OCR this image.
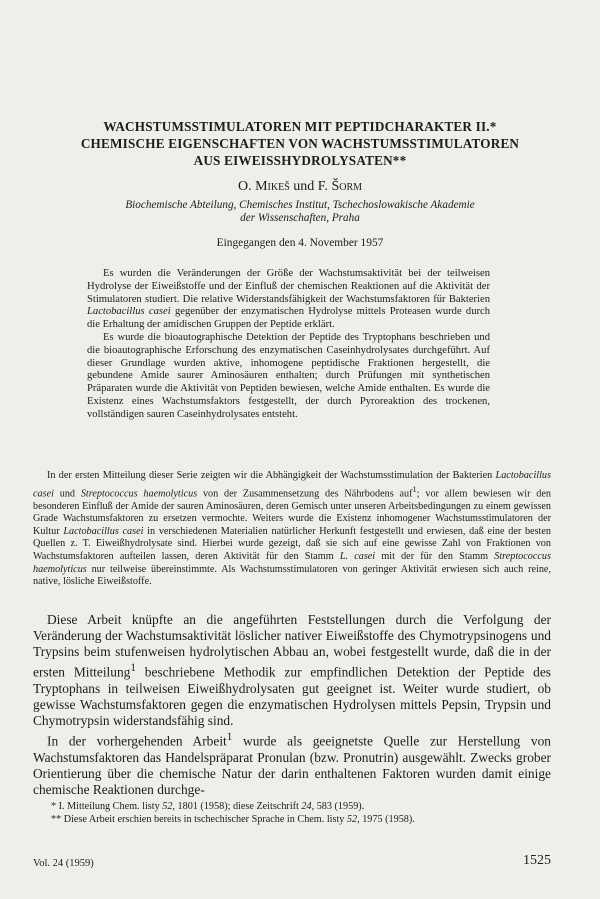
WACHSTUMSSTIMULATOREN MIT PEPTIDCHARAKTER II.*
CHEMISCHE EIGENSCHAFTEN VON WACHSTUMSSTIMULATOREN
AUS EIWEISSHYDROLYSATEN**
O. Mikeš und F. Šorm
Biochemische Abteilung, Chemisches Institut, Tschechoslowakische Akademie
der Wissenschaften, Praha
Eingegangen den 4. November 1957

Es wurden die Veränderungen der Größe der Wachstumsaktivität bei der teilweisen Hydrolyse der Eiweißstoffe und der Einfluß der chemischen Reaktionen auf die Aktivität der Stimulatoren studiert. Die relative Widerstandsfähigkeit der Wachstumsfaktoren für Bakterien Lactobacillus casei gegenüber der enzymatischen Hydrolyse mittels Proteasen wurde durch die Erhaltung der amidischen Gruppen der Peptide erklärt.

Es wurde die bioautographische Detektion der Peptide des Tryptophans beschrieben und die bioautographische Erforschung des enzymatischen Caseinhydrolysates durchgeführt. Auf dieser Grundlage wurden aktive, inhomogene peptidische Fraktionen hergestellt, die gebundene Amide saurer Aminosäuren enthalten; durch Prüfungen mit synthetischen Präparaten wurde die Aktivität von Peptiden bewiesen, welche Amide enthalten. Es wurde die Existenz eines Wachstumsfaktors festgestellt, der durch Pyroreaktion des trockenen, vollständigen sauren Caseinhydrolysates entsteht.

In der ersten Mitteilung dieser Serie zeigten wir die Abhängigkeit der Wachstumsstimulation der Bakterien Lactobacillus casei und Streptococcus haemolyticus von der Zusammensetzung des Nährbodens auf$^1$; vor allem bewiesen wir den besonderen Einfluß der Amide der sauren Aminosäuren, deren Gemisch unter unseren Arbeitsbedingungen zu einem gewissen Grade Wachstumsfaktoren zu ersetzen vermochte. Weiters wurde die Existenz inhomogener Wachstumsstimulatoren der Kultur Lactobacillus casei in verschiedenen Materialien natürlicher Herkunft festgestellt und erwiesen, daß eine der besten Quellen z. T. Eiweißhydrolysate sind. Hierbei wurde gezeigt, daß sie sich auf eine gewisse Zahl von Fraktionen von Wachstumsfaktoren aufteilen lassen, deren Aktivität für den Stamm L. casei mit der für den Stamm Streptococcus haemolyticus nur teilweise übereinstimmte. Als Wachstumsstimulatoren von geringer Aktivität erwiesen sich auch reine, native, lösliche Eiweißstoffe.

Diese Arbeit knüpfte an die angeführten Feststellungen durch die Verfolgung der Veränderung der Wachstumsaktivität löslicher nativer Eiweißstoffe des Chymotrypsinogens und Trypsins beim stufenweisen hydrolytischen Abbau an, wobei festgestellt wurde, daß die in der ersten Mitteilung$^1$ beschriebene Methodik zur empfindlichen Detektion der Peptide des Tryptophans in teilweisen Eiweißhydrolysaten gut geeignet ist. Weiter wurde studiert, ob gewisse Wachstumsfaktoren gegen die enzymatischen Hydrolysen mittels Pepsin, Trypsin und Chymotrypsin widerstandsfähig sind.

In der vorhergehenden Arbeit$^1$ wurde als geeignetste Quelle zur Herstellung von Wachstumsfaktoren das Handelspräparat Pronulan (bzw. Pronutrin) ausgewählt. Zwecks grober Orientierung über die chemische Natur der darin enthaltenen Faktoren wurden damit einige chemische Reaktionen durchge-

* I. Mitteilung Chem. listy 52, 1801 (1958); diese Zeitschrift 24, 583 (1959).
** Diese Arbeit erschien bereits in tschechischer Sprache in Chem. listy 52, 1975 (1958).
Vol. 24 (1959)	1525
